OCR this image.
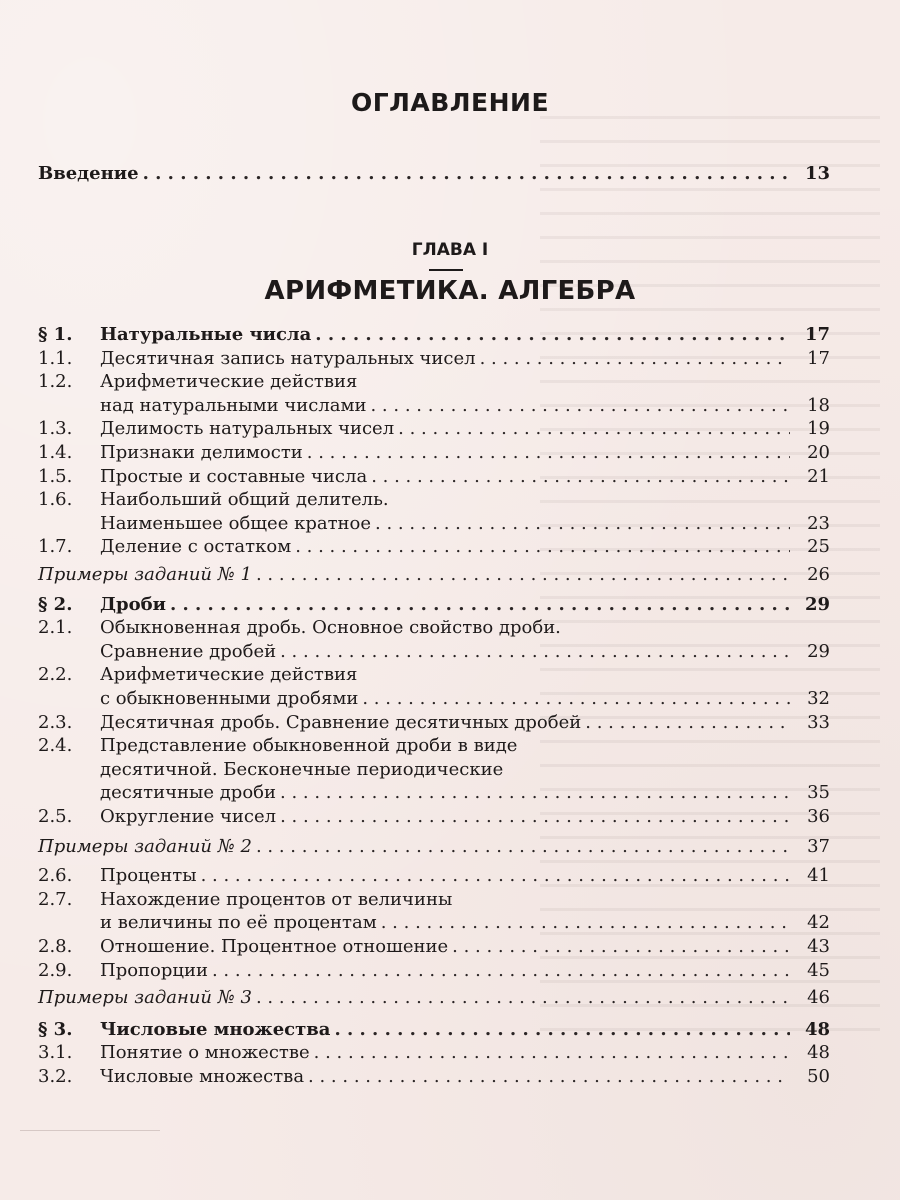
ОГЛАВЛЕНИЕ
Введение . . .	13
ГЛАВА I
АРИФМЕТИКА. АЛГЕБРА
§ 1.	Натуральные числа . . .	17
1.1.	Десятичная запись натуральных чисел . . .	17
1.2.	Арифметические действия
над натуральными числами . . .	18
1.3.	Делимость натуральных чисел . . .	19
1.4.	Признаки делимости . . .	20
1.5.	Простые и составные числа . . .	21
1.6.	Наибольший общий делитель.
Наименьшее общее кратное . . .	23
1.7.	Деление с остатком . . .	25
Примеры заданий № 1 . . .	26
§ 2.	Дроби . . .	29
2.1.	Обыкновенная дробь. Основное свойство дроби.
Сравнение дробей . . .	29
2.2.	Арифметические действия
с обыкновенными дробями . . .	32
2.3.	Десятичная дробь. Сравнение десятичных дробей . . .	33
2.4.	Представление обыкновенной дроби в виде
десятичной. Бесконечные периодические
десятичные дроби . . .	35
2.5.	Округление чисел . . .	36
Примеры заданий № 2 . . .	37
2.6.	Проценты . . .	41
2.7.	Нахождение процентов от величины
и величины по её процентам . . .	42
2.8.	Отношение. Процентное отношение . . .	43
2.9.	Пропорции . . .	45
Примеры заданий № 3 . . .	46
§ 3.	Числовые множества . . .	48
3.1.	Понятие о множестве . . .	48
3.2.	Числовые множества . . .	50
